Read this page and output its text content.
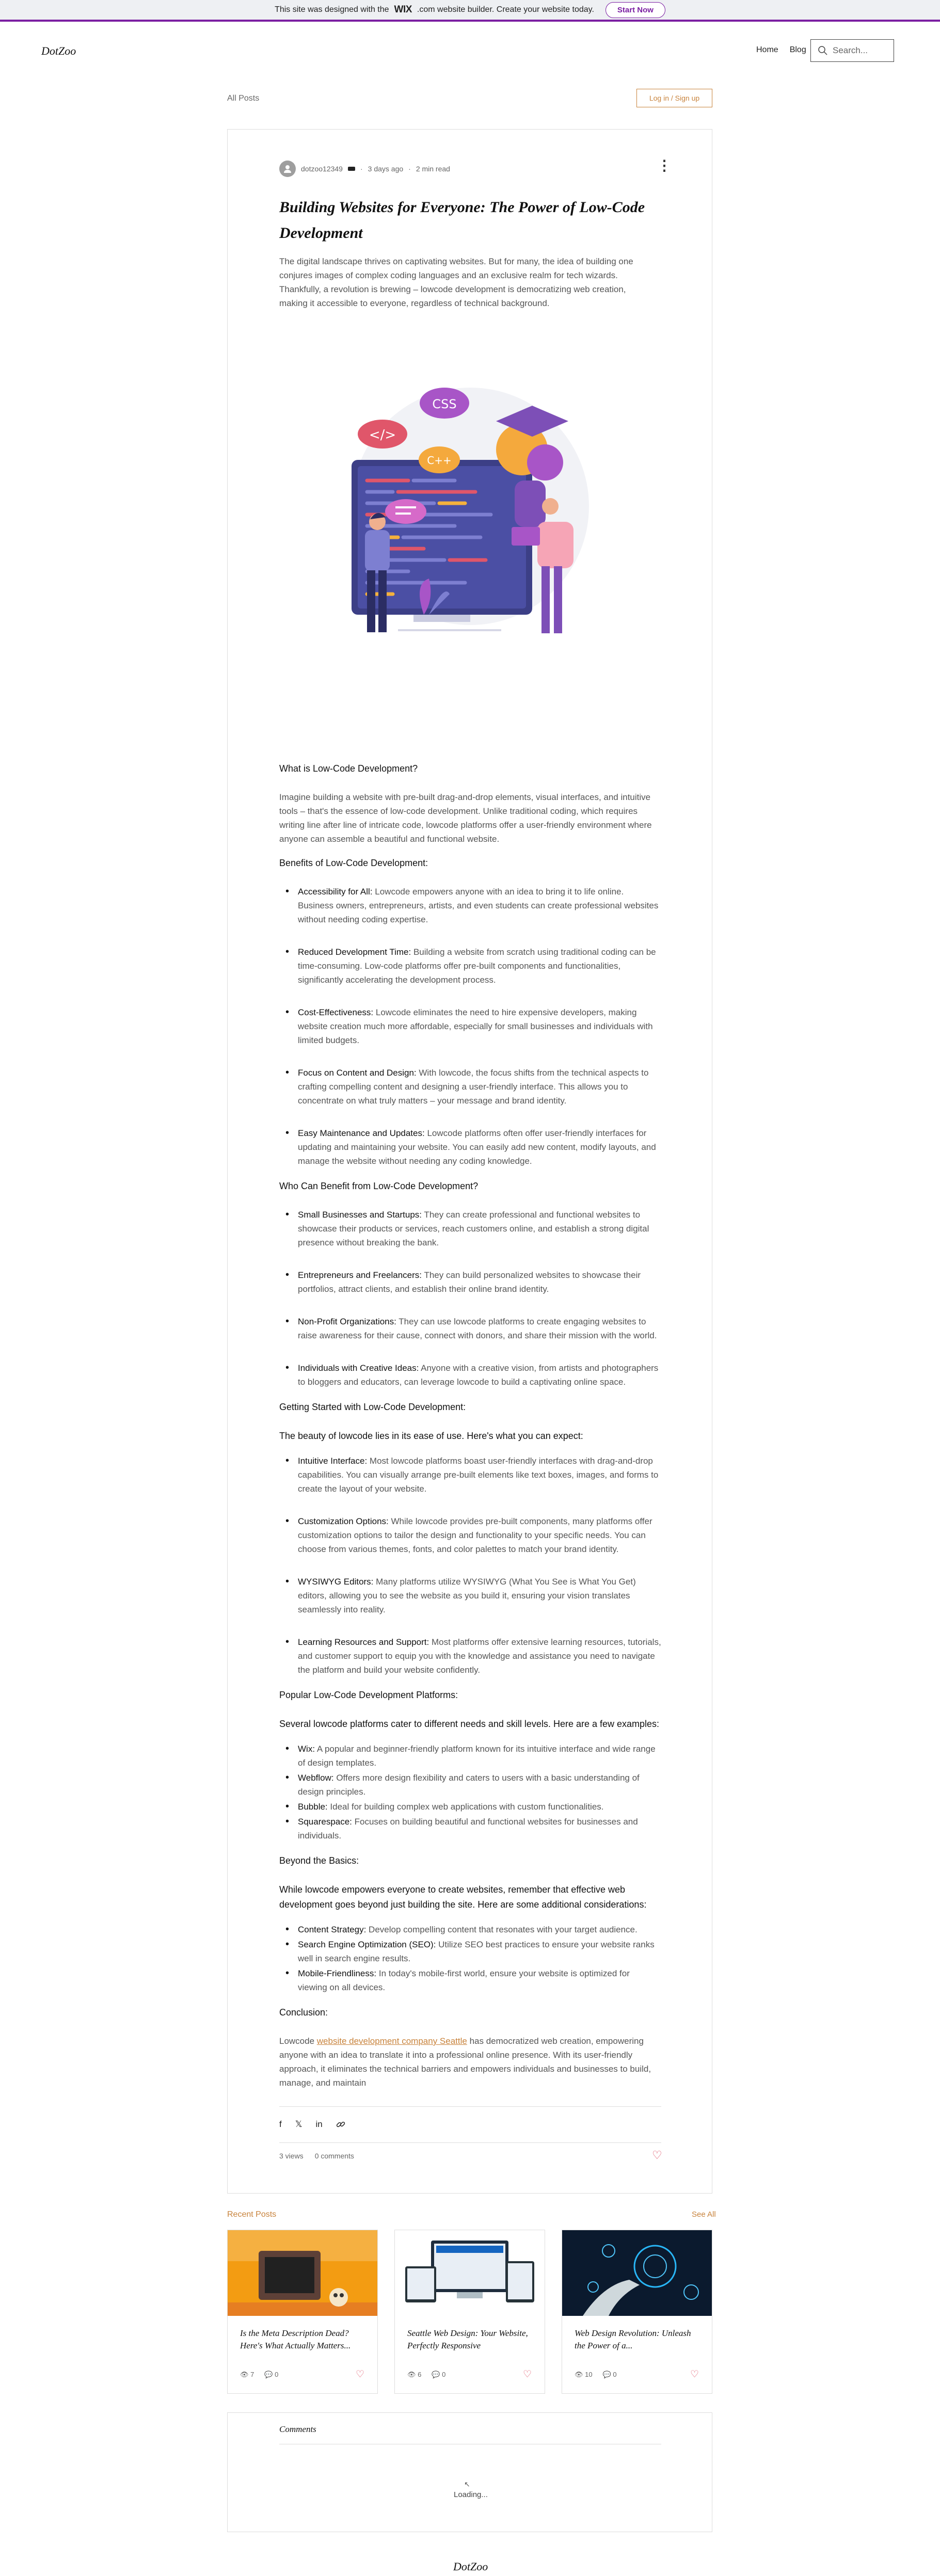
This site was designed with the WIX .com website builder. Create your website today.	Start Now
DotZoo	Home Blog	Search...
All Posts	Log in / Sign up
dotzoo12349 · 3 days ago · 2 min read	⋮
Building Websites for Everyone: The Power of Low-Code Development

The digital landscape thrives on captivating websites. But for many, the idea of building one conjures images of complex coding languages and an exclusive realm for tech wizards. Thankfully, a revolution is brewing – lowcode development is democratizing web creation, making it accessible to everyone, regardless of technical background.

</>
CSS
C++
What is Low-Code Development?

Imagine building a website with pre-built drag-and-drop elements, visual interfaces, and intuitive tools – that's the essence of low-code development. Unlike traditional coding, which requires writing line after line of intricate code, lowcode platforms offer a user-friendly environment where anyone can assemble a beautiful and functional website.

Benefits of Low-Code Development:
• Accessibility for All: Lowcode empowers anyone with an idea to bring it to life online. Business owners, entrepreneurs, artists, and even students can create professional websites without needing coding expertise.
• Reduced Development Time: Building a website from scratch using traditional coding can be time-consuming. Low-code platforms offer pre-built components and functionalities, significantly accelerating the development process.
• Cost-Effectiveness: Lowcode eliminates the need to hire expensive developers, making website creation much more affordable, especially for small businesses and individuals with limited budgets.
• Focus on Content and Design: With lowcode, the focus shifts from the technical aspects to crafting compelling content and designing a user-friendly interface. This allows you to concentrate on what truly matters – your message and brand identity.
• Easy Maintenance and Updates: Lowcode platforms often offer user-friendly interfaces for updating and maintaining your website. You can easily add new content, modify layouts, and manage the website without needing any coding knowledge.
Who Can Benefit from Low-Code Development?
• Small Businesses and Startups: They can create professional and functional websites to showcase their products or services, reach customers online, and establish a strong digital presence without breaking the bank.
• Entrepreneurs and Freelancers: They can build personalized websites to showcase their portfolios, attract clients, and establish their online brand identity.
• Non-Profit Organizations: They can use lowcode platforms to create engaging websites to raise awareness for their cause, connect with donors, and share their mission with the world.
• Individuals with Creative Ideas: Anyone with a creative vision, from artists and photographers to bloggers and educators, can leverage lowcode to build a captivating online space.
Getting Started with Low-Code Development:

The beauty of lowcode lies in its ease of use. Here's what you can expect:

• Intuitive Interface: Most lowcode platforms boast user-friendly interfaces with drag-and-drop capabilities. You can visually arrange pre-built elements like text boxes, images, and forms to create the layout of your website.
• Customization Options: While lowcode provides pre-built components, many platforms offer customization options to tailor the design and functionality to your specific needs. You can choose from various themes, fonts, and color palettes to match your brand identity.
• WYSIWYG Editors: Many platforms utilize WYSIWYG (What You See is What You Get) editors, allowing you to see the website as you build it, ensuring your vision translates seamlessly into reality.
• Learning Resources and Support: Most platforms offer extensive learning resources, tutorials, and customer support to equip you with the knowledge and assistance you need to navigate the platform and build your website confidently.
Popular Low-Code Development Platforms:

Several lowcode platforms cater to different needs and skill levels. Here are a few examples:

• Wix: A popular and beginner-friendly platform known for its intuitive interface and wide range of design templates.
• Webflow: Offers more design flexibility and caters to users with a basic understanding of design principles.
• Bubble: Ideal for building complex web applications with custom functionalities.
• Squarespace: Focuses on building beautiful and functional websites for businesses and individuals.
Beyond the Basics:

While lowcode empowers everyone to create websites, remember that effective web development goes beyond just building the site. Here are some additional considerations:

• Content Strategy: Develop compelling content that resonates with your target audience.
• Search Engine Optimization (SEO): Utilize SEO best practices to ensure your website ranks well in search engine results.
• Mobile-Friendliness: In today's mobile-first world, ensure your website is optimized for viewing on all devices.
Conclusion:

Lowcode website development company Seattle has democratized web creation, empowering anyone with an idea to translate it into a professional online presence. With its user-friendly approach, it eliminates the technical barriers and empowers individuals and businesses to build, manage, and maintain

f 𝕏 in
3 views 0 comments	♡
Recent Posts	See All
Is the Meta Description Dead? Here's What Actually Matters...
👁 7 💬 0	♡
Seattle Web Design: Your Website, Perfectly Responsive
👁 6 💬 0	♡
Web Design Revolution: Unleash the Power of a...
👁 10 💬 0	♡
Comments
↖
Loading...
DotZoo
